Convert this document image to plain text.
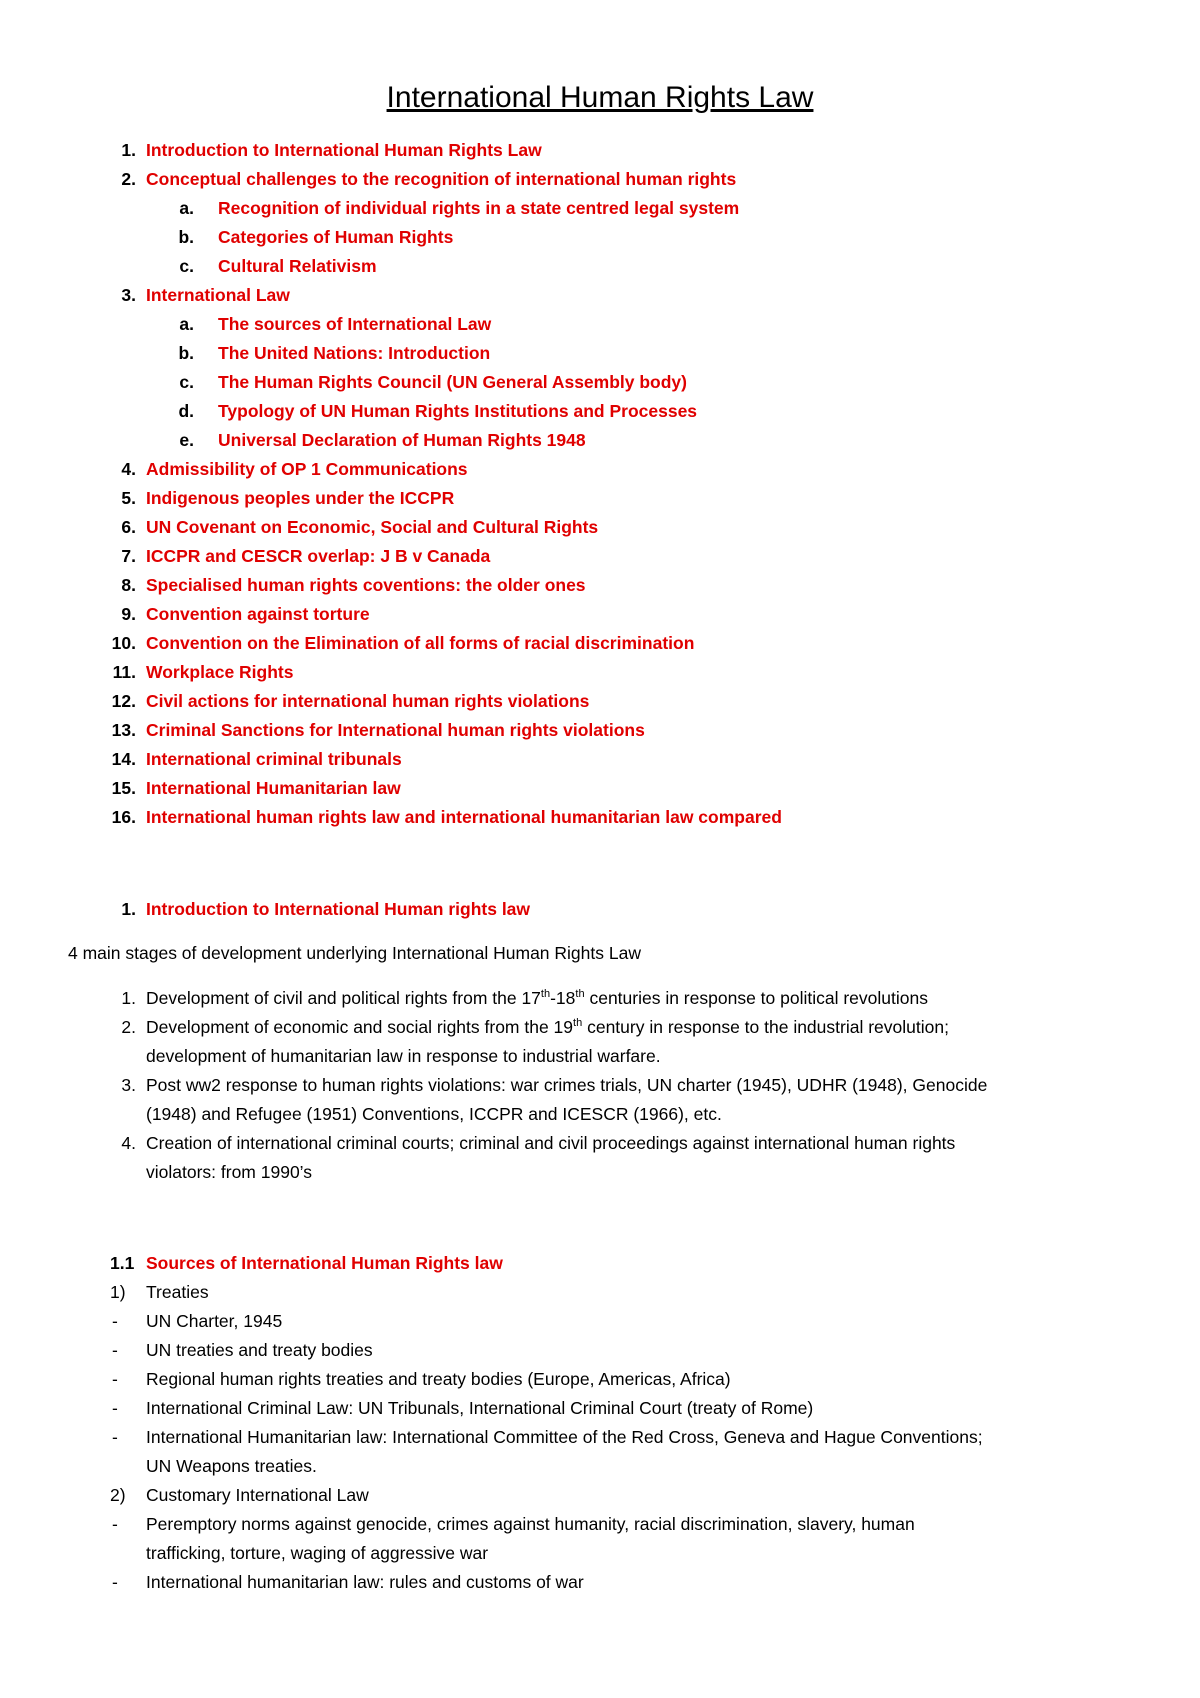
International Human Rights Law
1. Introduction to International Human Rights Law
2. Conceptual challenges to the recognition of international human rights
a. Recognition of individual rights in a state centred legal system
b. Categories of Human Rights
c. Cultural Relativism
3. International Law
a. The sources of International Law
b. The United Nations: Introduction
c. The Human Rights Council (UN General Assembly body)
d. Typology of UN Human Rights Institutions and Processes
e. Universal Declaration of Human Rights 1948
4. Admissibility of OP 1 Communications
5. Indigenous peoples under the ICCPR
6. UN Covenant on Economic, Social and Cultural Rights
7. ICCPR and CESCR overlap: J B v Canada
8. Specialised human rights coventions: the older ones
9. Convention against torture
10. Convention on the Elimination of all forms of racial discrimination
11. Workplace Rights
12. Civil actions for international human rights violations
13. Criminal Sanctions for International human rights violations
14. International criminal tribunals
15. International Humanitarian law
16. International human rights law and international humanitarian law compared
1. Introduction to International Human rights law
4 main stages of development underlying International Human Rights Law
1. Development of civil and political rights from the 17th-18th centuries in response to political revolutions
2. Development of economic and social rights from the 19th century in response to the industrial revolution;
development of humanitarian law in response to industrial warfare.
3. Post ww2 response to human rights violations: war crimes trials, UN charter (1945), UDHR (1948), Genocide
(1948) and Refugee (1951) Conventions, ICCPR and ICESCR (1966), etc.
4. Creation of international criminal courts; criminal and civil proceedings against international human rights
violators: from 1990’s
1.1 Sources of International Human Rights law
1) Treaties
- UN Charter, 1945
- UN treaties and treaty bodies
- Regional human rights treaties and treaty bodies (Europe, Americas, Africa)
- International Criminal Law: UN Tribunals, International Criminal Court (treaty of Rome)
- International Humanitarian law: International Committee of the Red Cross, Geneva and Hague Conventions;
UN Weapons treaties.
2) Customary International Law
- Peremptory norms against genocide, crimes against humanity, racial discrimination, slavery, human
trafficking, torture, waging of aggressive war
- International humanitarian law: rules and customs of war
